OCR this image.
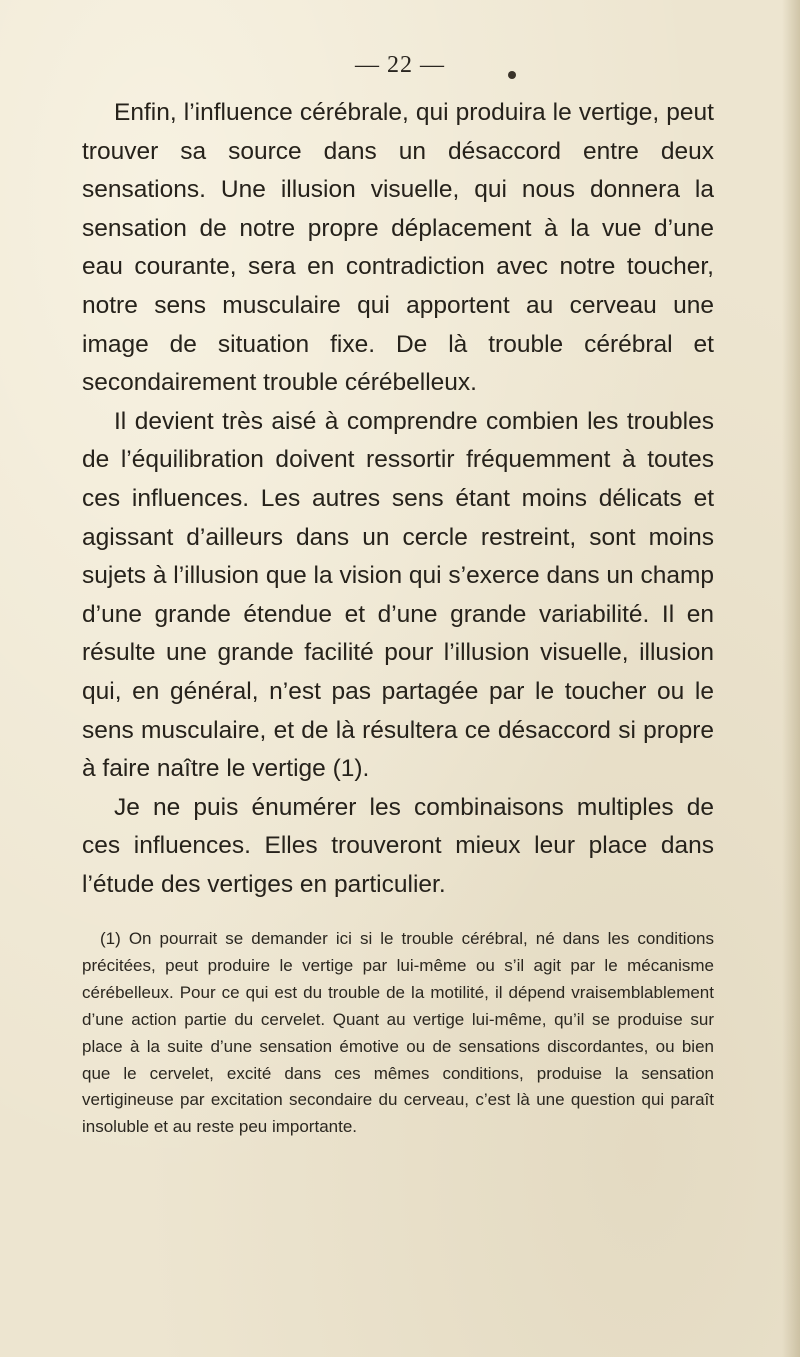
— 22 —

Enfin, l’influence cérébrale, qui produira le vertige, peut trouver sa source dans un désaccord entre deux sensations. Une illusion visuelle, qui nous donnera la sensation de notre propre déplacement à la vue d’une eau courante, sera en contradiction avec notre toucher, notre sens musculaire qui apportent au cerveau une image de situation fixe. De là trouble cérébral et secondairement trouble cérébelleux.

Il devient très aisé à comprendre combien les troubles de l’équilibration doivent ressortir fréquemment à toutes ces influences. Les autres sens étant moins délicats et agissant d’ailleurs dans un cercle restreint, sont moins sujets à l’illusion que la vision qui s’exerce dans un champ d’une grande étendue et d’une grande variabilité. Il en résulte une grande facilité pour l’illusion visuelle, illusion qui, en général, n’est pas partagée par le toucher ou le sens musculaire, et de là résultera ce désaccord si propre à faire naître le vertige (1).

Je ne puis énumérer les combinaisons multiples de ces influences. Elles trouveront mieux leur place dans l’étude des vertiges en particulier.

(1) On pourrait se demander ici si le trouble cérébral, né dans les conditions précitées, peut produire le vertige par lui-même ou s’il agit par le mécanisme cérébelleux. Pour ce qui est du trouble de la motilité, il dépend vraisemblablement d’une action partie du cervelet. Quant au vertige lui-même, qu’il se produise sur place à la suite d’une sensation émotive ou de sensations discordantes, ou bien que le cervelet, excité dans ces mêmes conditions, produise la sensation vertigineuse par excitation secondaire du cerveau, c’est là une question qui paraît insoluble et au reste peu importante.
